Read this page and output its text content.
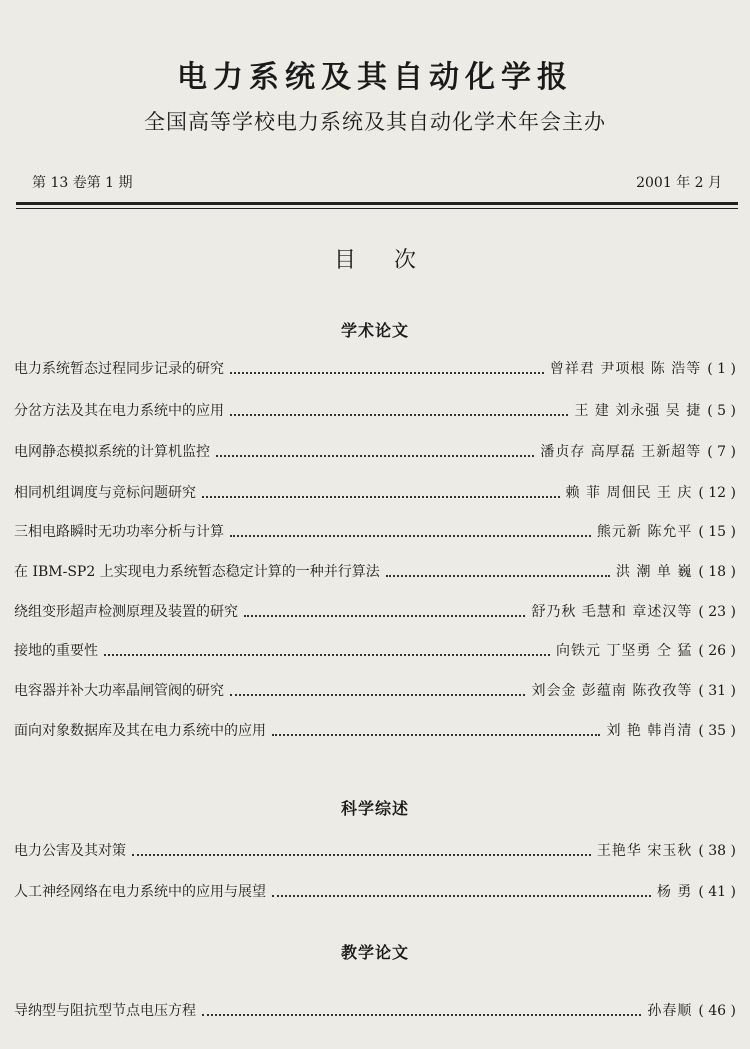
电力系统及其自动化学报
全国高等学校电力系统及其自动化学术年会主办
第 13 卷第 1 期	2001 年 2 月
目次
学术论文
电力系统暂态过程同步记录的研究	曾祥君 尹项根 陈 浩等 ( 1 )
分岔方法及其在电力系统中的应用	王 建 刘永强 吴 捷 ( 5 )
电网静态模拟系统的计算机监控	潘贞存 高厚磊 王新超等 ( 7 )
相同机组调度与竞标问题研究	赖 菲 周佃民 王 庆 ( 12 )
三相电路瞬时无功功率分析与计算	熊元新 陈允平 ( 15 )
在 IBM-SP2 上实现电力系统暂态稳定计算的一种并行算法	洪 潮 单 巍 ( 18 )
绕组变形超声检测原理及装置的研究	舒乃秋 毛慧和 章述汉等 ( 23 )
接地的重要性	向铁元 丁坚勇 仝 猛 ( 26 )
电容器并补大功率晶闸管阀的研究	刘会金 彭蕴南 陈孜孜等 ( 31 )
面向对象数据库及其在电力系统中的应用	刘 艳 韩肖清 ( 35 )
科学综述
电力公害及其对策	王艳华 宋玉秋 ( 38 )
人工神经网络在电力系统中的应用与展望	杨 勇 ( 41 )
教学论文
导纳型与阻抗型节点电压方程	孙春顺 ( 46 )
